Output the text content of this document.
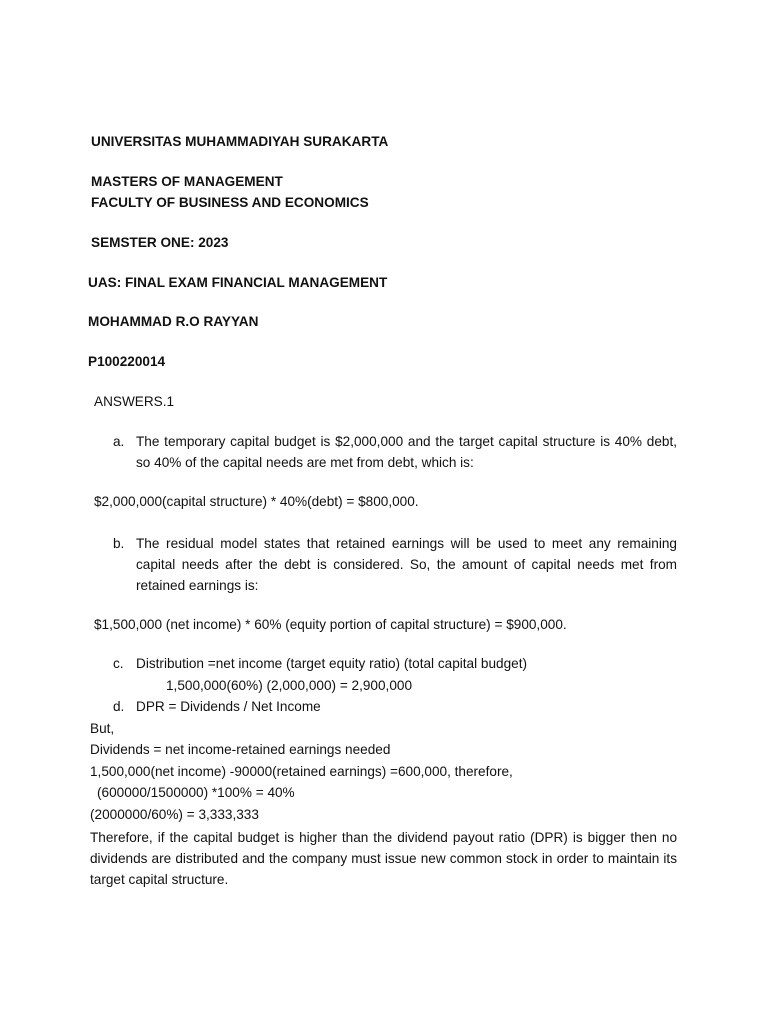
UNIVERSITAS MUHAMMADIYAH SURAKARTA
MASTERS OF MANAGEMENT
FACULTY OF BUSINESS AND ECONOMICS
SEMSTER ONE: 2023
UAS: FINAL EXAM FINANCIAL MANAGEMENT
MOHAMMAD R.O RAYYAN
P100220014
ANSWERS.1
a. The temporary capital budget is $2,000,000 and the target capital structure is 40% debt, so 40% of the capital needs are met from debt, which is:
$2,000,000(capital structure) * 40%(debt) = $800,000.
b. The residual model states that retained earnings will be used to meet any remaining capital needs after the debt is considered. So, the amount of capital needs met from retained earnings is:
$1,500,000 (net income) * 60% (equity portion of capital structure) = $900,000.
c. Distribution =net income (target equity ratio) (total capital budget)
1,500,000(60%) (2,000,000) = 2,900,000
d. DPR = Dividends / Net Income
But,
Dividends = net income-retained earnings needed
1,500,000(net income) -90000(retained earnings) =600,000, therefore,
(600000/1500000) *100% = 40%
(2000000/60%) = 3,333,333
Therefore, if the capital budget is higher than the dividend payout ratio (DPR) is bigger then no dividends are distributed and the company must issue new common stock in order to maintain its target capital structure.
